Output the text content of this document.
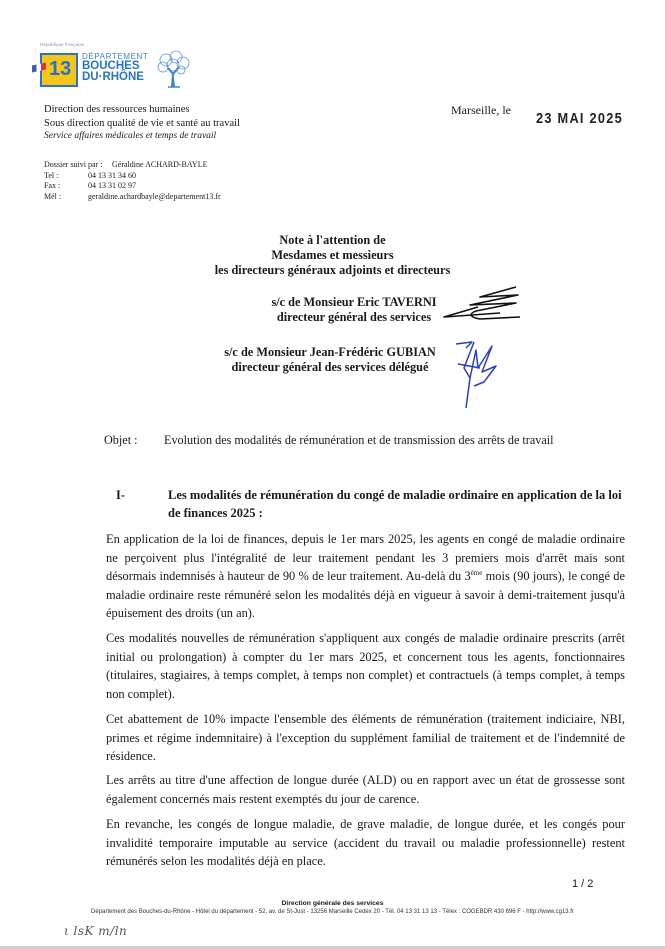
République française
13
DÉPARTEMENT
BOUCHES
DU·RHÔNE
Direction des ressources humaines
Sous direction qualité de vie et santé au travail
Service affaires médicales et temps de travail
Dossier suivi par :	Géraldine ACHARD-BAYLE
Tel :	04 13 31 34 60
Fax :	04 13 31 02 97
Mél :	geraldine.achardbayle@departement13.fr
Marseille, le 23 MAI 2025
Note à l'attention de
Mesdames et messieurs
les directeurs généraux adjoints et directeurs
s/c de Monsieur Eric TAVERNI
directeur général des services
s/c de Monsieur Jean-Frédéric GUBIAN
directeur général des services délégué
Objet :	Evolution des modalités de rémunération et de transmission des arrêts de travail
I-	Les modalités de rémunération du congé de maladie ordinaire en application de la loi de finances 2025 :
En application de la loi de finances, depuis le 1er mars 2025, les agents en congé de maladie ordinaire ne perçoivent plus l'intégralité de leur traitement pendant les 3 premiers mois d'arrêt mais sont désormais indemnisés à hauteur de 90 % de leur traitement. Au-delà du 3ème mois (90 jours), le congé de maladie ordinaire reste rémunéré selon les modalités déjà en vigueur à savoir à demi-traitement jusqu'à épuisement des droits (un an).
Ces modalités nouvelles de rémunération s'appliquent aux congés de maladie ordinaire prescrits (arrêt initial ou prolongation) à compter du 1er mars 2025, et concernent tous les agents, fonctionnaires (titulaires, stagiaires, à temps complet, à temps non complet) et contractuels (à temps complet, à temps non complet).
Cet abattement de 10% impacte l'ensemble des éléments de rémunération (traitement indiciaire, NBI, primes et régime indemnitaire) à l'exception du supplément familial de traitement et de l'indemnité de résidence.
Les arrêts au titre d'une affection de longue durée (ALD) ou en rapport avec un état de grossesse sont également concernés mais restent exemptés du jour de carence.
En revanche, les congés de longue maladie, de grave maladie, de longue durée, et les congés pour invalidité temporaire imputable au service (accident du travail ou maladie professionnelle) restent rémunérés selon les modalités déjà en place.
1 / 2
Direction générale des services
Département des Bouches-du-Rhône - Hôtel du département - 52, av. de St-Just - 13256 Marseille Cedex 20 - Tél. 04 13 31 13 13 - Télex : COGEBDR 430 696 F - http://www.cg13.fr
ι lsK m/ln
